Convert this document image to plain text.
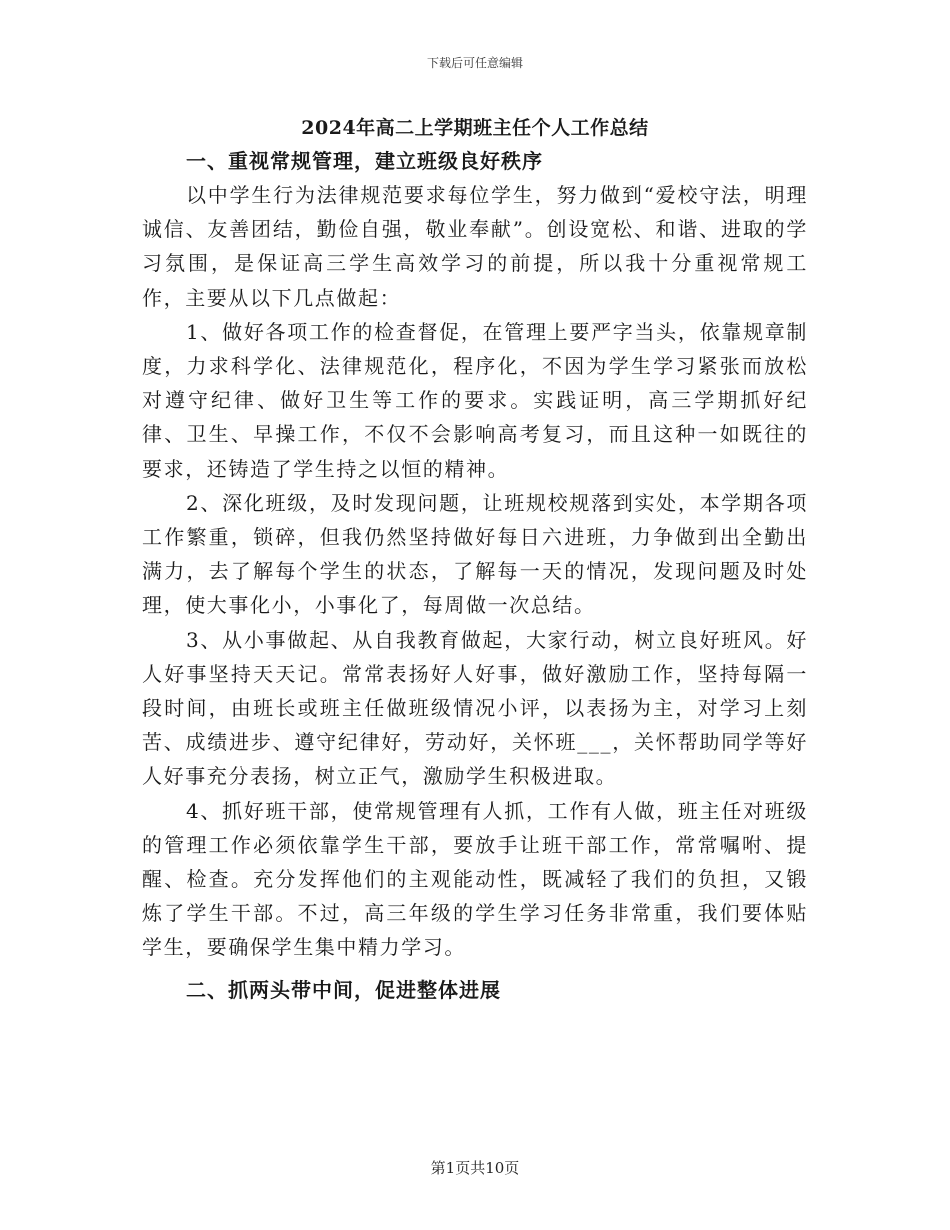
下载后可任意编辑
2024年高二上学期班主任个人工作总结
一、重视常规管理，建立班级良好秩序

以中学生行为法律规范要求每位学生，努力做到“爱校守法，明理诚信、友善团结，勤俭自强，敬业奉献”。创设宽松、和谐、进取的学习氛围，是保证高三学生高效学习的前提，所以我十分重视常规工作，主要从以下几点做起：

1、做好各项工作的检查督促，在管理上要严字当头，依靠规章制度，力求科学化、法律规范化，程序化，不因为学生学习紧张而放松对遵守纪律、做好卫生等工作的要求。实践证明，高三学期抓好纪律、卫生、早操工作，不仅不会影响高考复习，而且这种一如既往的要求，还铸造了学生持之以恒的精神。

2、深化班级，及时发现问题，让班规校规落到实处，本学期各项工作繁重，锁碎，但我仍然坚持做好每日六进班，力争做到出全勤出满力，去了解每个学生的状态，了解每一天的情况，发现问题及时处理，使大事化小，小事化了，每周做一次总结。

3、从小事做起、从自我教育做起，大家行动，树立良好班风。好人好事坚持天天记。常常表扬好人好事，做好激励工作，坚持每隔一段时间，由班长或班主任做班级情况小评，以表扬为主，对学习上刻苦、成绩进步、遵守纪律好，劳动好，关怀班___，关怀帮助同学等好人好事充分表扬，树立正气，激励学生积极进取。

4、抓好班干部，使常规管理有人抓，工作有人做，班主任对班级的管理工作必须依靠学生干部，要放手让班干部工作，常常嘱咐、提醒、检查。充分发挥他们的主观能动性，既减轻了我们的负担，又锻炼了学生干部。不过，高三年级的学生学习任务非常重，我们要体贴学生，要确保学生集中精力学习。

二、抓两头带中间，促进整体进展
第1页共10页
